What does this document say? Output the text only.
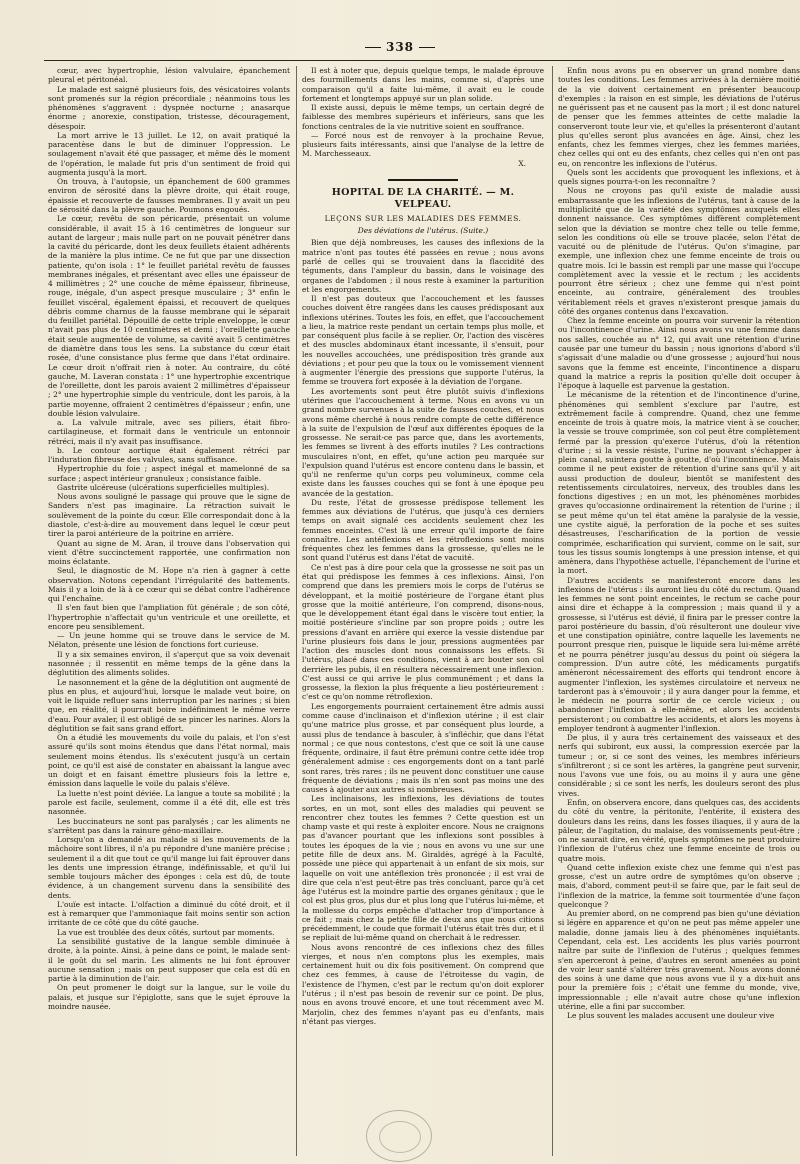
338

cœur, avec hypertrophie, lésion valvulaire, épanchement pleural et péritonéal.

Le malade est saigné plusieurs fois, des vésicatoires volants sont promenés sur la région précordiale ; néanmoins tous les phénomènes s'aggravent : dyspnée nocturne ; anasarque énorme ; anorexie, constipation, tristesse, découragement, désespoir.

La mort arrive le 13 juillet. Le 12, on avait pratiqué la paracentèse dans le but de diminuer l'oppression. Le soulagement n'avait été que passager, et même dès le moment de l'opération, le malade fut pris d'un sentiment de froid qui augmenta jusqu'à la mort.

On trouva, à l'autopsie, un épanchement de 600 grammes environ de sérosité dans la plèvre droite, qui était rouge, épaissie et recouverte de fausses membranes. Il y avait un peu de sérosité dans la plèvre gauche. Poumons engoués.

Le cœur, revêtu de son péricarde, présentait un volume considérable, il avait 15 à 16 centimètres de longueur sur autant de largeur ; mais nulle part on ne pouvait pénétrer dans la cavité du péricarde, dont les deux feuillets étaient adhérents de la manière la plus intime. Ce ne fut que par une dissection patiente, qu'on isola : 1° le feuillet pariétal revêtu de fausses membranes inégales, et présentant avec elles une épaisseur de 4 millimètres ; 2° une couche de même épaisseur, fibrineuse, rouge, inégale, d'un aspect presque musculaire ; 3° enfin le feuillet viscéral, également épaissi, et recouvert de quelques débris comme charnus de la fausse membrane qui le séparait du feuillet pariétal. Dépouillé de cette triple enveloppe, le cœur n'avait pas plus de 10 centimètres et demi ; l'oreillette gauche était seule augmentée de volume, sa cavité avait 5 centimètres de diamètre dans tous les sens. La substance du cœur était rosée, d'une consistance plus ferme que dans l'état ordinaire. Le cœur droit n'offrait rien à noter. Au contraire, du côté gauche, M. Laveran constata : 1° une hypertrophie excentrique de l'oreillette, dont les parois avaient 2 millimètres d'épaisseur ; 2° une hypertrophie simple du ventricule, dont les parois, à la partie moyenne, offraient 2 centimètres d'épaisseur ; enfin, une double lésion valvulaire.

a. La valvule mitrale, avec ses piliers, était fibro-cartilagineuse, et formait dans le ventricule un entonnoir rétréci, mais il n'y avait pas insuffisance.

b. Le contour aortique était également rétréci par l'induration fibreuse des valvules, sans suffisance.

Hypertrophie du foie ; aspect inégal et mamelonné de sa surface ; aspect intérieur granuleux ; consistance faible.

Gastrite ulcéreuse (ulcérations superficielles multiples).

Nous avons souligné le passage qui prouve que le signe de Sanders n'est pas imaginaire. La rétraction suivait le soulèvement de la pointe du cœur. Elle correspondait donc à la diastole, c'est-à-dire au mouvement dans lequel le cœur peut tirer la paroi antérieure de la poitrine en arrière.

Quant au signe de M. Aran, il trouve dans l'observation qui vient d'être succinctement rapportée, une confirmation non moins éclatante.

Seul, le diagnostic de M. Hope n'a rien à gagner à cette observation. Notons cependant l'irrégularité des battements. Mais il y a loin de là à ce cœur qui se débat contre l'adhérence qui l'enchaîne.

Il s'en faut bien que l'ampliation fût générale ; de son côté, l'hypertrophie n'affectait qu'un ventricule et une oreillette, et encore peu sensiblement.

— Un jeune homme qui se trouve dans le service de M. Nélaton, présente une lésion de fonctions fort curieuse.

Il y a six semaines environ, il s'aperçut que sa voix devenait nasonnée ; il ressentit en même temps de la gêne dans la déglutition des aliments solides.

Le nasonnement et la gêne de la déglutition ont augmenté de plus en plus, et aujourd'hui, lorsque le malade veut boire, on voit le liquide refluer sans interruption par les narines ; si bien que, en réalité, il pourrait boire indéfiniment le même verre d'eau. Pour avaler, il est obligé de se pincer les narines. Alors la déglutition se fait sans grand effort.

On a étudié les mouvements du voile du palais, et l'on s'est assuré qu'ils sont moins étendus que dans l'état normal, mais seulement moins étendus. Ils s'exécutent jusqu'à un certain point, ce qu'il est aisé de constater en abaissant la langue avec un doigt et en faisant émettre plusieurs fois la lettre e, émission dans laquelle le voile du palais s'élève.

La luette n'est point déviée. La langue a toute sa mobilité ; la parole est facile, seulement, comme il a été dit, elle est très nasonnée.

Les buccinateurs ne sont pas paralysés ; car les aliments ne s'arrêtent pas dans la rainure géno-maxillaire.

Lorsqu'on a demandé au malade si les mouvements de la mâchoire sont libres, il n'a pu répondre d'une manière précise ; seulement il a dit que tout ce qu'il mange lui fait éprouver dans les dents une impression étrange, indéfinissable, et qu'il lui semble toujours mâcher des éponges : cela est dû, de toute évidence, à un changement survenu dans la sensibilité des dents.

L'ouïe est intacte. L'olfaction a diminué du côté droit, et il est à remarquer que l'ammoniaque fait moins sentir son action irritante de ce côté que du côté gauche.

La vue est troublée des deux côtés, surtout par moments.

La sensibilité gustative de la langue semble diminuée à droite, à la pointe. Ainsi, à peine dans ce point, le malade sent-il le goût du sel marin. Les aliments ne lui font éprouver aucune sensation ; mais on peut supposer que cela est dû en partie à la diminution de l'air.

On peut promener le doigt sur la langue, sur le voile du palais, et jusque sur l'épiglotte, sans que le sujet éprouve la moindre nausée.

Il est à noter que, depuis quelque temps, le malade éprouve des fourmillements dans les mains, comme si, d'après une comparaison qu'il a faite lui-même, il avait eu le coude fortement et longtemps appuyé sur un plan solide.

Il existe aussi, depuis le même temps, un certain degré de faiblesse des membres supérieurs et inférieurs, sans que les fonctions centrales de la vie nutritive soient en souffrance.

— Forcé nous est de renvoyer à la prochaine Revue, plusieurs faits intéressants, ainsi que l'analyse de la lettre de M. Marchesseaux.

X.

HOPITAL DE LA CHARITÉ. — M. VELPEAU.
LEÇONS SUR LES MALADIES DES FEMMES.

Des déviations de l'utérus. (Suite.)

Bien que déjà nombreuses, les causes des inflexions de la matrice n'ont pas toutes été passées en revue ; nous avons parlé de celles qui se trouvaient dans la flaccidité des téguments, dans l'ampleur du bassin, dans le voisinage des organes de l'abdomen ; il nous reste à examiner la parturition et les engorgements.

Il n'est pas douteux que l'accouchement et les fausses couches doivent être rangées dans les causes prédisposant aux inflexions utérines. Toutes les fois, en effet, que l'accouchement a lieu, la matrice reste pendant un certain temps plus molle, et par conséquent plus facile à se replier. Or, l'action des viscères et des muscles abdominaux étant incessante, il s'ensuit, pour les nouvelles accouchées, une prédisposition très grande aux déviations ; et pour peu que la toux ou le vomissement viennent à augmenter l'énergie des pressions que supporte l'utérus, la femme se trouvera fort exposée à la déviation de l'organe.

Les avortements sont peut être plutôt suivis d'inflexions utérines que l'accouchement à terme. Nous en avons vu un grand nombre survenues à la suite de fausses couches, et nous avons même cherché à nous rendre compte de cette différence à la suite de l'expulsion de l'œuf aux différentes époques de la grossesse. Ne serait-ce pas parce que, dans les avortements, les femmes se livrent à des efforts inutiles ? Les contractions musculaires n'ont, en effet, qu'une action peu marquée sur l'expulsion quand l'utérus est encore contenu dans le bassin, et qu'il ne renferme qu'un corps peu volumineux, comme cela existe dans les fausses couches qui se font à une époque peu avancée de la gestation.

Du reste, l'état de grossesse prédispose tellement les femmes aux déviations de l'utérus, que jusqu'à ces derniers temps on avait signalé ces accidents seulement chez les femmes enceintes. C'est là une erreur qu'il importe de faire connaître. Les antéflexions et les rétroflexions sont moins fréquentes chez les femmes dans la grossesse, qu'elles ne le sont quand l'utérus est dans l'état de vacuité.

Ce n'est pas à dire pour cela que la grossesse ne soit pas un état qui prédispose les femmes à ces inflexions. Ainsi, l'on comprend que dans les premiers mois le corps de l'utérus se développant, et la moitié postérieure de l'organe étant plus grosse que la moitié antérieure, l'on comprend, disons-nous, que le développement étant égal dans le viscère tout entier, la moitié postérieure s'incline par son propre poids ; outre les pressions d'avant en arrière qui exerce la vessie distendue par l'urine plusieurs fois dans le jour, pressions augmentées par l'action des muscles dont nous connaissons les effets. Si l'utérus, placé dans ces conditions, vient à arc bouter son col derrière les pubis, il en résultera nécessairement une inflexion. C'est aussi ce qui arrive le plus communément ; et dans la grossesse, la flexion la plus fréquente a lieu postérieurement : c'est ce qu'on nomme rétroflexion.

Les engorgements pourraient certainement être admis aussi comme cause d'inclinaison et d'inflexion utérine ; il est clair qu'une matrice plus grosse, et par conséquent plus lourde, a aussi plus de tendance à basculer, à s'infléchir, que dans l'état normal ; ce que nous contestons, c'est que ce soit là une cause fréquente, ordinaire, il faut être prémuni contre cette idée trop généralement admise : ces engorgements dont on a tant parlé sont rares, très rares ; ils ne peuvent donc constituer une cause fréquente de déviations ; mais ils n'en sont pas moins une des causes à ajouter aux autres si nombreuses.

Les inclinaisons, les inflexions, les déviations de toutes sortes, en un mot, sont elles des maladies qui peuvent se rencontrer chez toutes les femmes ? Cette question est un champ vaste et qui reste à exploiter encore. Nous ne craignons pas d'avancer pourtant que les inflexions sont possibles à toutes les époques de la vie ; nous en avons vu une sur une petite fille de deux ans. M. Giraldès, agrégé à la Faculté, possède une pièce qui appartenait à un enfant de six mois, sur laquelle on voit une antéflexion très prononcée ; il est vrai de dire que cela n'est peut-être pas très concluant, parce qu'à cet âge l'utérus est la moindre partie des organes génitaux ; que le col est plus gros, plus dur et plus long que l'utérus lui-même, et la mollesse du corps empêche d'attacher trop d'importance à ce fait ; mais chez la petite fille de deux ans que nous citions précédemment, le coude que formait l'utérus était très dur, et il se repliait de lui-même quand on cherchait à le redresser.

Nous avons rencontré de ces inflexions chez des filles vierges, et nous n'en comptons plus les exemples, mais certainement huit ou dix fois positivement. On comprend que chez ces femmes, à cause de l'étroitesse du vagin, de l'existence de l'hymen, c'est par le rectum qu'on doit explorer l'utérus ; il n'est pas besoin de revenir sur ce point. De plus, nous en avons trouvé encore, et une tout récemment avec M. Marjolin, chez des femmes n'ayant pas eu d'enfants, mais n'étant pas vierges.

Enfin nous avons pu en observer un grand nombre dans toutes les conditions. Les femmes arrivées à la dernière moitié de la vie doivent certainement en présenter beaucoup d'exemples : la raison en est simple, les déviations de l'utérus ne guérissent pas et ne causent pas la mort ; il est donc naturel de penser que les femmes atteintes de cette maladie la conserveront toute leur vie, et qu'elles la présenteront d'autant plus qu'elles seront plus avancées en âge. Ainsi, chez les enfants, chez les femmes vierges, chez les femmes mariées, chez celles qui ont eu des enfants, chez celles qui n'en ont pas eu, on rencontre les inflexions de l'utérus.

Quels sont les accidents que provoquent les inflexions, et à quels signes pourra-t-on les reconnaître ?

Nous ne croyons pas qu'il existe de maladie aussi embarrassante que les inflexions de l'utérus, tant à cause de la multiplicité que de la variété des symptômes auxquels elles donnent naissance. Ces symptômes diffèrent complètement selon que la déviation se montre chez telle ou telle femme, selon les conditions où elle se trouve placée, selon l'état de vacuité ou de plénitude de l'utérus. Qu'on s'imagine, par exemple, une inflexion chez une femme enceinte de trois ou quatre mois. Ici le bassin est rempli par une masse qui l'occupe complètement avec la vessie et le rectum ; les accidents pourront être sérieux ; chez une femme qui n'est point enceinte, au contraire, généralement des troubles véritablement réels et graves n'existeront presque jamais du côté des organes contenus dans l'excavation.

Chez la femme enceinte on pourra voir survenir la rétention ou l'incontinence d'urine. Ainsi nous avons vu une femme dans nos salles, couchée au n° 12, qui avait une rétention d'urine causée par une tumeur du bassin ; nous ignorions d'abord s'il s'agissait d'une maladie ou d'une grossesse ; aujourd'hui nous savons que la femme est enceinte, l'incontinence a disparu quand la matrice a repris la position qu'elle doit occuper à l'époque à laquelle est parvenue la gestation.

Le mécanisme de la rétention et de l'incontinence d'urine, phénomènes qui semblent s'exclure par l'autre, est extrêmement facile à comprendre. Quand, chez une femme enceinte de trois à quatre mois, la matrice vient à se coucher, la vessie se trouve comprimée, son col peut être complètement fermé par la pression qu'exerce l'utérus, d'où la rétention d'urine ; si la vessie résiste, l'urine ne pouvant s'échapper à plein canal, suintera goutte à goutte, d'où l'incontinence. Mais comme il ne peut exister de rétention d'urine sans qu'il y ait aussi production de douleur, bientôt se manifestent des retentissements circulatoires, nerveux, des troubles dans les fonctions digestives ; en un mot, les phénomènes morbides graves qu'occasionne ordinairement la rétention de l'urine ; il se peut même qu'un tel état amène la paralysie de la vessie, une cystite aiguë, la perforation de la poche et ses suites désastreuses, l'escharification de la portion de vessie comprimée, escharification qui survient, comme on le sait, sur tous les tissus soumis longtemps à une pression intense, et qui amènera, dans l'hypothèse actuelle, l'épanchement de l'urine et la mort.

D'autres accidents se manifesteront encore dans les inflexions de l'utérus : ils auront lieu du côté du rectum. Quand les femmes ne sont point enceintes, le rectum se cache pour ainsi dire et échappe à la compression ; mais quand il y a grossesse, si l'utérus est dévié, il finira par le presser contre la paroi postérieure du bassin, d'où résulteront une douleur vive et une constipation opiniâtre, contre laquelle les lavements ne pourront presque rien, puisque le liquide sera lui-même arrêté et ne pourra pénétrer jusqu'au dessus du point où siégera la compression. D'un autre côté, les médicaments purgatifs amèneront nécessairement des efforts qui tendront encore à augmenter l'inflexion, les systèmes circulatoire et nerveux ne tarderont pas à s'émouvoir ; il y aura danger pour la femme, et le médecin ne pourra sortir de ce cercle vicieux ; ou abandonner l'inflexion à elle-même, et alors les accidents persisteront ; ou combattre les accidents, et alors les moyens à employer tendront à augmenter l'inflexion.

De plus, il y aura très certainement des vaisseaux et des nerfs qui subiront, eux aussi, la compression exercée par la tumeur ; or, si ce sont des veines, les membres inférieurs s'infiltreront ; si ce sont les artères, la gangrène peut survenir, nous l'avons vue une fois, ou au moins il y aura une gêne considérable ; si ce sont les nerfs, les douleurs seront des plus vives.

Enfin, on observera encore, dans quelques cas, des accidents du côté du ventre, la péritonite, l'entérite, il existera des douleurs dans les reins, dans les fosses iliaques, il y aura de la pâleur, de l'agitation, du malaise, des vomissements peut-être ; on ne saurait dire, en vérité, quels symptômes ne peut produire l'inflexion de l'utérus chez une femme enceinte de trois ou quatre mois.

Quand cette inflexion existe chez une femme qui n'est pas grosse, c'est un autre ordre de symptômes qu'on observe ; mais, d'abord, comment peut-il se faire que, par le fait seul de l'inflexion de la matrice, la femme soit tourmentée d'une façon quelconque ?

Au premier abord, on ne comprend pas bien qu'une déviation si légère en apparence et qu'on ne peut pas même appeler une maladie, donne jamais lieu à des phénomènes inquiétants. Cependant, cela est. Les accidents les plus variés pourront naître par suite de l'inflexion de l'utérus ; quelques femmes s'en aperceront à peine, d'autres en seront amenées au point de voir leur santé s'altérer très gravement. Nous avons donné des soins à une dame que nous avons vue il y a dix-huit ans pour la première fois ; c'était une femme du monde, vive, impressionnable ; elle n'avait autre chose qu'une inflexion utérine, elle a fini par succomber.

Le plus souvent les malades accusent une douleur vive
